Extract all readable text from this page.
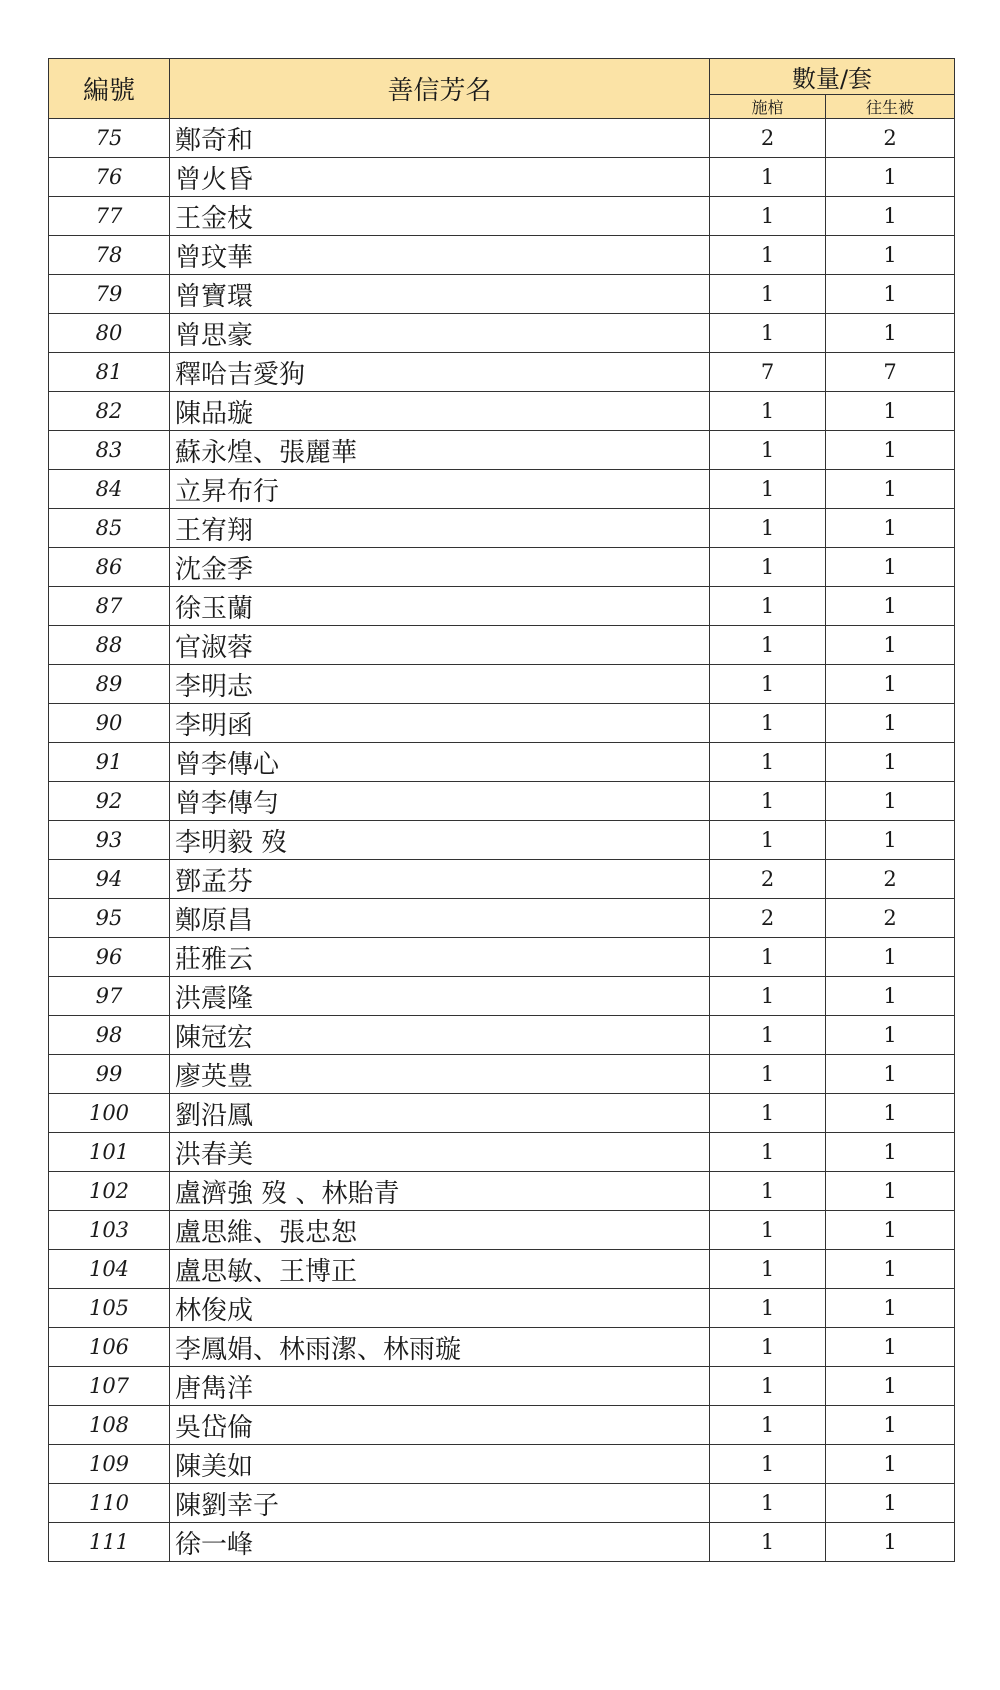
編號	善信芳名	數量/套	
		施棺	往生被
75	鄭奇和	2	2
76	曾火昏	1	1
77	王金枝	1	1
78	曾玟華	1	1
79	曾寶環	1	1
80	曾思豪	1	1
81	釋哈吉愛狗	7	7
82	陳品璇	1	1
83	蘇永煌、張麗華	1	1
84	立昇布行	1	1
85	王宥翔	1	1
86	沈金季	1	1
87	徐玉蘭	1	1
88	官淑蓉	1	1
89	李明志	1	1
90	李明函	1	1
91	曾李傳心	1	1
92	曾李傳勻	1	1
93	李明毅 歿	1	1
94	鄧孟芬	2	2
95	鄭原昌	2	2
96	莊雅云	1	1
97	洪震隆	1	1
98	陳冠宏	1	1
99	廖英豊	1	1
100	劉沿鳳	1	1
101	洪春美	1	1
102	盧濟強 歿 、林貽青	1	1
103	盧思維、張忠恕	1	1
104	盧思敏、王博正	1	1
105	林俊成	1	1
106	李鳳娟、林雨潔、林雨璇	1	1
107	唐雋洋	1	1
108	吳岱倫	1	1
109	陳美如	1	1
110	陳劉幸子	1	1
111	徐一峰	1	1
